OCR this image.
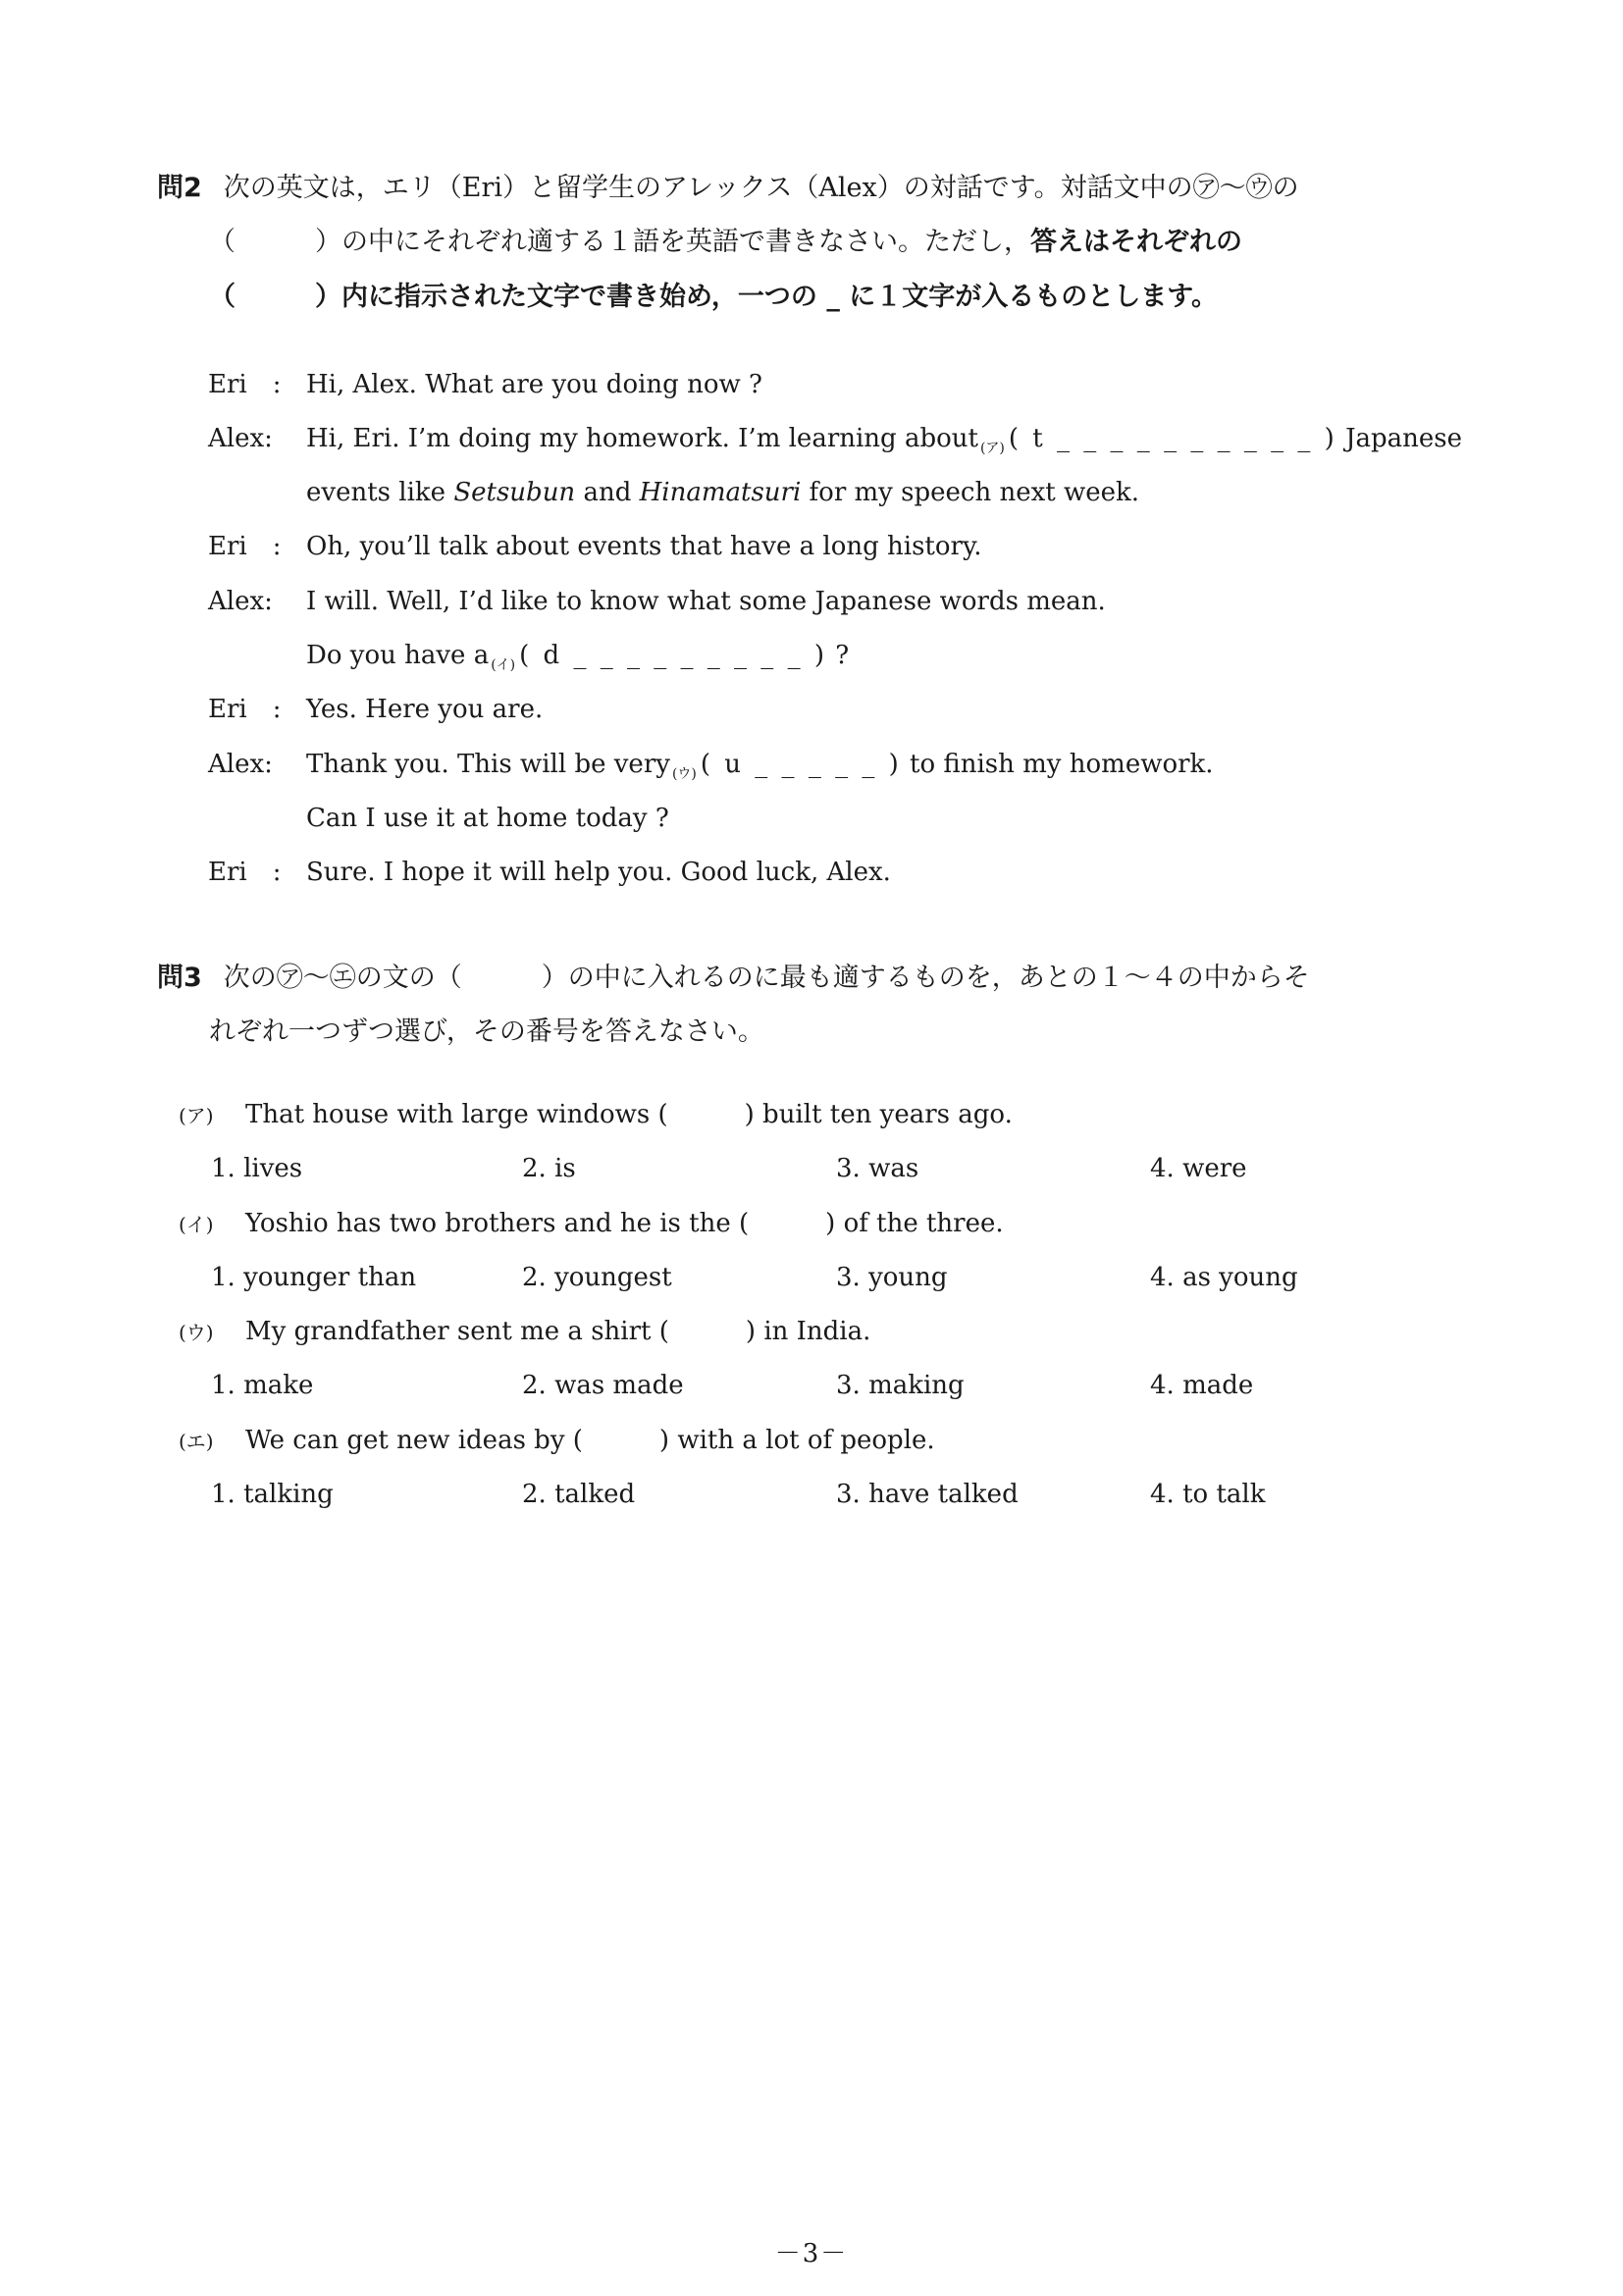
問2 次の英文は，エリ（Eri）と留学生のアレックス（Alex）の対話です。対話文中の㋐～㋒の
（　　　）の中にそれぞれ適する１語を英語で書きなさい。ただし，答えはそれぞれの
（　　　）内に指示された文字で書き始め，一つの _ に１文字が入るものとします。
Eri　: Hi, Alex. What are you doing now ?
Alex: Hi, Eri. I’m doing my homework. I’m learning about $_{(ア)}$ ( t _ _ _ _ _ _ _ _ _ _ ) Japanese
events like Setsubun and Hinamatsuri for my speech next week.
Eri　: Oh, you’ll talk about events that have a long history.
Alex: I will. Well, I’d like to know what some Japanese words mean.
Do you have a $_{(イ)}$ ( d _ _ _ _ _ _ _ _ _ ) ?
Eri　: Yes. Here you are.
Alex: Thank you. This will be very $_{(ウ)}$ ( u _ _ _ _ _ ) to finish my homework.
Can I use it at home today ?
Eri　: Sure. I hope it will help you. Good luck, Alex.
問3 次の㋐～㋓の文の（　　　）の中に入れるのに最も適するものを，あとの１～４の中からそ
れぞれ一つずつ選び，その番号を答えなさい。
(ア) That house with large windows (　　　) built ten years ago.
1. lives	2. is	3. was	4. were
(イ) Yoshio has two brothers and he is the (　　　) of the three.
1. younger than	2. youngest	3. young	4. as young
(ウ) My grandfather sent me a shirt (　　　) in India.
1. make	2. was made	3. making	4. made
(エ) We can get new ideas by (　　　) with a lot of people.
1. talking	2. talked	3. have talked	4. to talk
－3－
